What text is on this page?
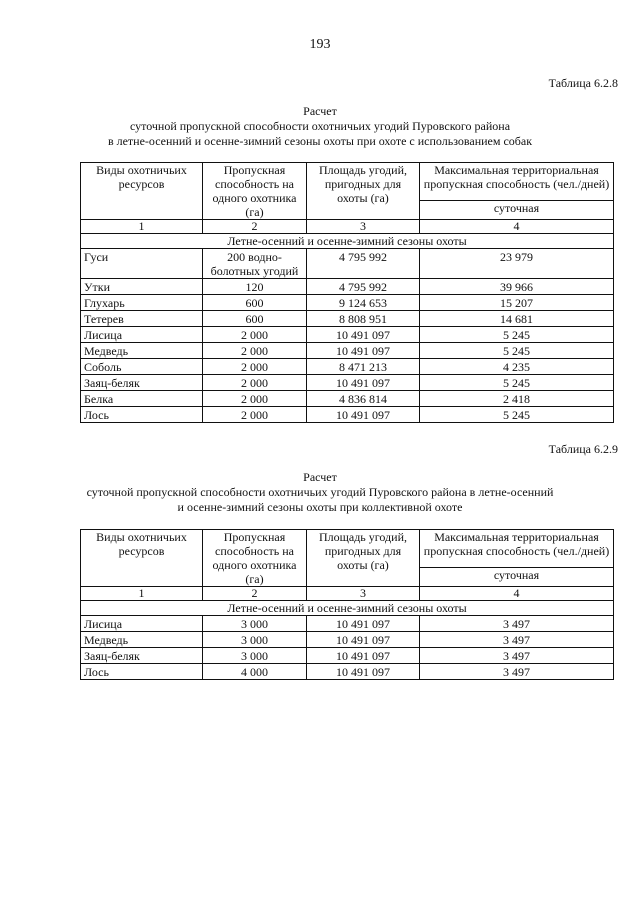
193
Таблица 6.2.8
Расчет
суточной пропускной способности охотничьих угодий Пуровского района
в летне-осенний и осенне-зимний сезоны охоты при охоте с использованием собак
Виды охотничьих ресурсов	Пропускная способность на одного охотника (га)	Площадь угодий, пригодных для охоты (га)	Максимальная территориальная пропускная способность (чел./дней)
			суточная
1	2	3	4
Летне-осенний и осенне-зимний сезоны охоты			
Гуси	200 водно-болотных угодий	4 795 992	23 979
Утки	120	4 795 992	39 966
Глухарь	600	9 124 653	15 207
Тетерев	600	8 808 951	14 681
Лисица	2 000	10 491 097	5 245
Медведь	2 000	10 491 097	5 245
Соболь	2 000	8 471 213	4 235
Заяц-беляк	2 000	10 491 097	5 245
Белка	2 000	4 836 814	2 418
Лось	2 000	10 491 097	5 245
Таблица 6.2.9
Расчет
суточной пропускной способности охотничьих угодий Пуровского района в летне-осенний
и осенне-зимний сезоны охоты при коллективной охоте
Виды охотничьих ресурсов	Пропускная способность на одного охотника (га)	Площадь угодий, пригодных для охоты (га)	Максимальная территориальная пропускная способность (чел./дней)
			суточная
1	2	3	4
Летне-осенний и осенне-зимний сезоны охоты			
Лисица	3 000	10 491 097	3 497
Медведь	3 000	10 491 097	3 497
Заяц-беляк	3 000	10 491 097	3 497
Лось	4 000	10 491 097	3 497
